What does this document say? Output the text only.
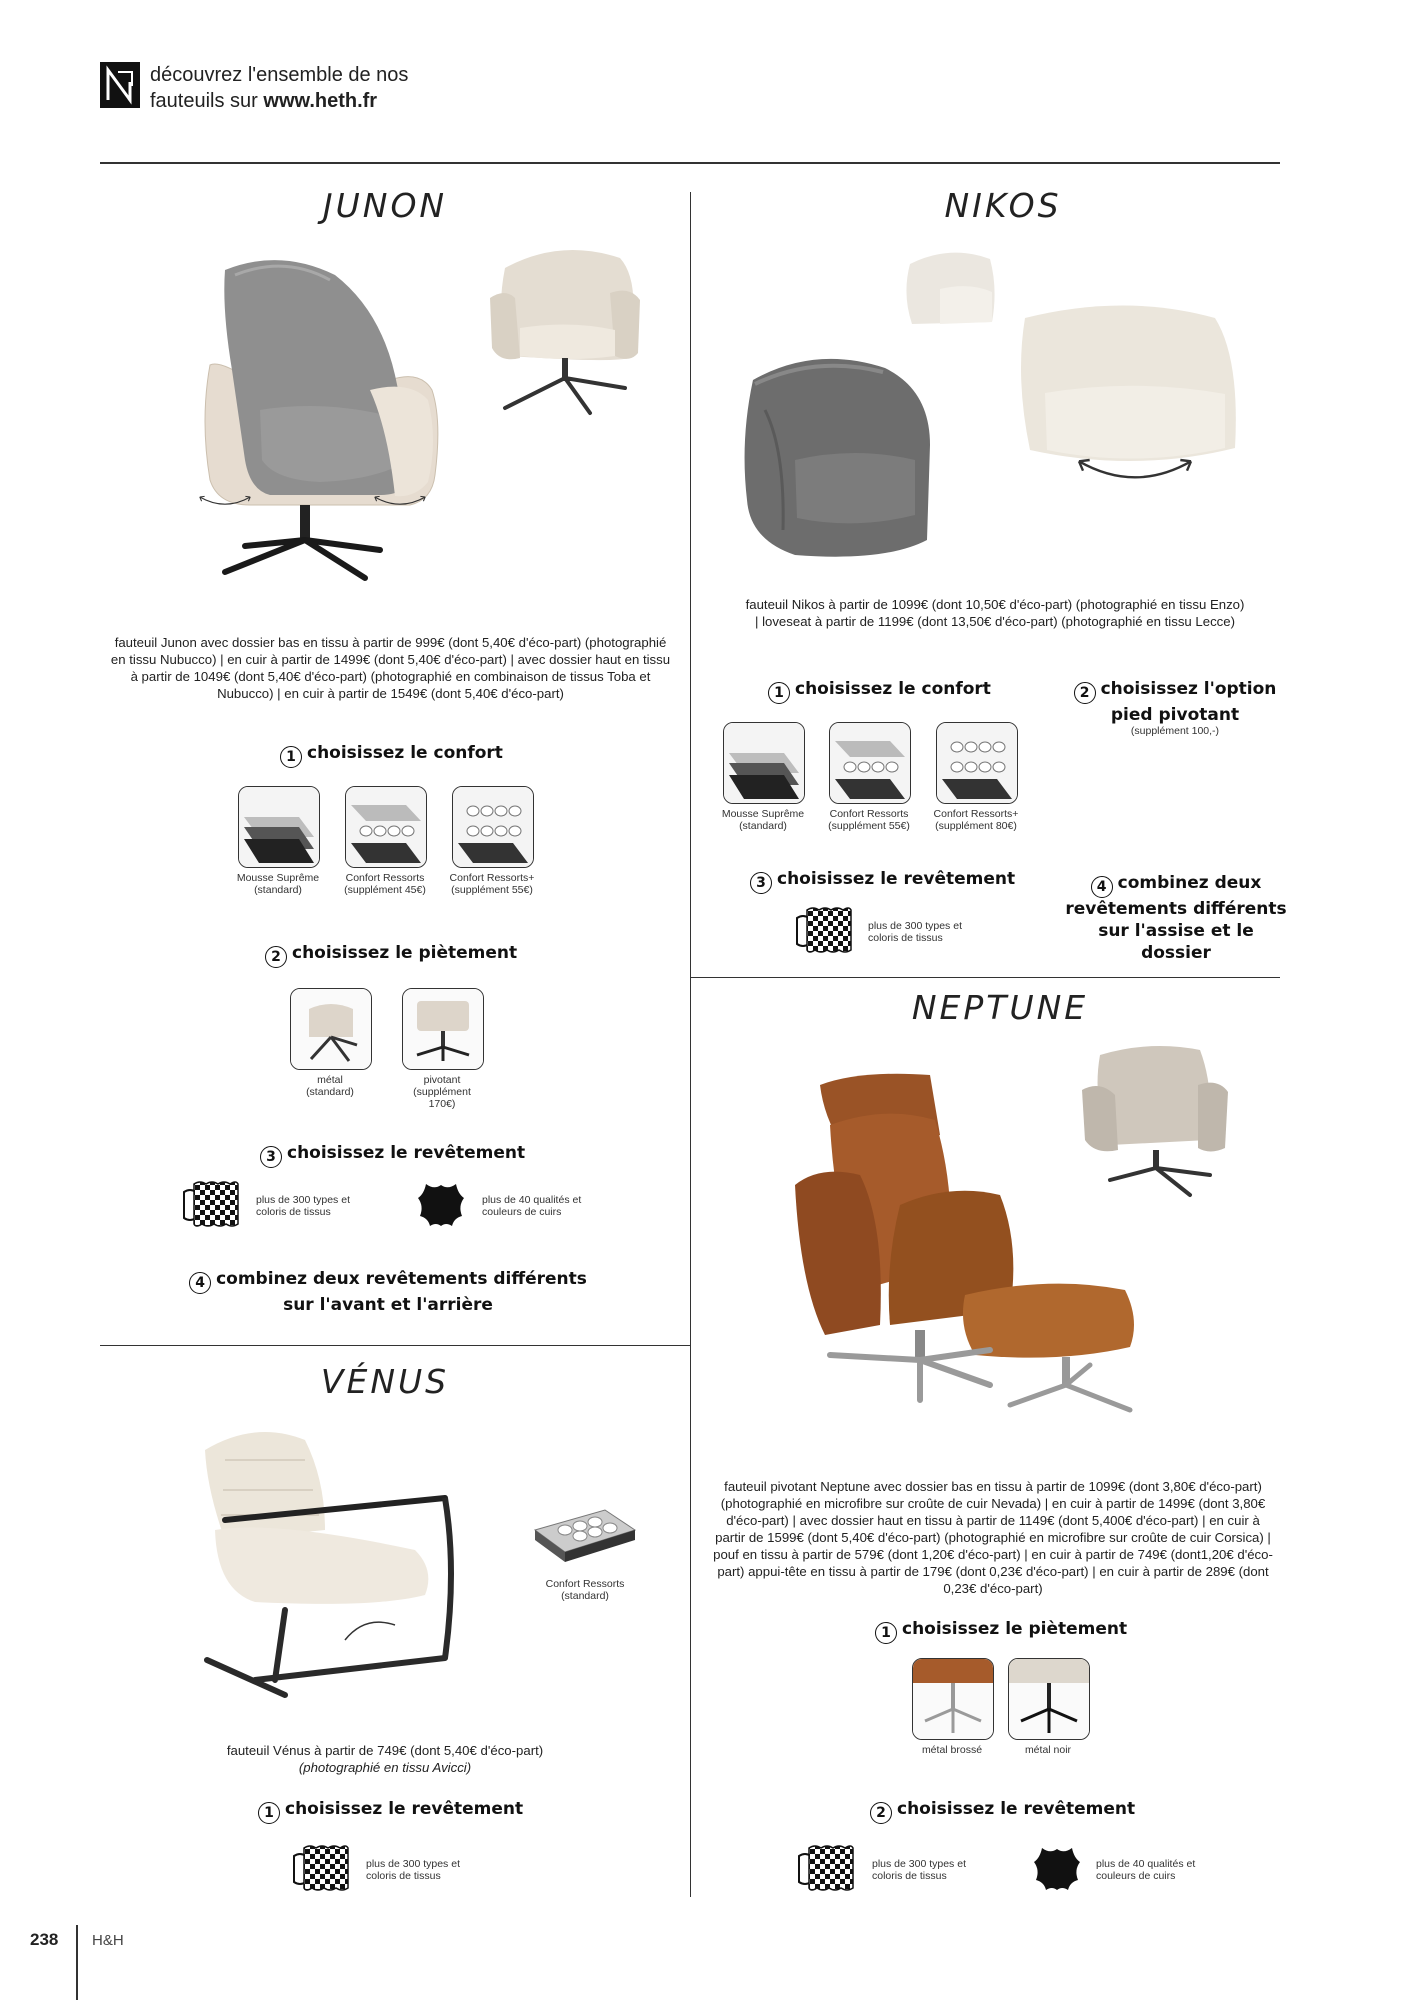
découvrez l'ensemble de nos
fauteuils sur www.heth.fr
JUNON
fauteuil Junon avec dossier bas en tissu à partir de 999€ (dont 5,40€ d'éco-part) (photographié en tissu Nubucco) | en cuir à partir de 1499€ (dont 5,40€ d'éco-part) | avec dossier haut en tissu à partir de 1049€ (dont 5,40€ d'éco-part) (photographié en combinaison de tissus Toba et Nubucco) | en cuir à partir de 1549€ (dont 5,40€ d'éco-part)
1 choisissez le confort
Mousse Suprême
(standard)
Confort Ressorts
(supplément 45€)
Confort Ressorts+
(supplément 55€)
2 choisissez le piètement
métal
(standard)
pivotant
(supplément 170€)
3 choisissez le revêtement
plus de 300 types et coloris de tissus
plus de 40 qualités et couleurs de cuirs
4 combinez deux revêtements différents sur l'avant et l'arrière
VÉNUS
Confort Ressorts
(standard)
fauteuil Vénus à partir de 749€ (dont 5,40€ d'éco-part)
(photographié en tissu Avicci)
1 choisissez le revêtement
plus de 300 types et coloris de tissus
NIKOS
fauteuil Nikos à partir de 1099€ (dont 10,50€ d'éco-part) (photographié en tissu Enzo) | loveseat à partir de 1199€ (dont 13,50€ d'éco-part) (photographié en tissu Lecce)
1 choisissez le confort	2 choisissez l'option pied pivotant
(supplément 100,-)
Mousse Suprême
(standard)
Confort Ressorts
(supplément 55€)
Confort Ressorts+
(supplément 80€)
3 choisissez le revêtement
plus de 300 types et coloris de tissus
4 combinez deux revêtements différents sur l'assise et le dossier
NEPTUNE
fauteuil pivotant Neptune avec dossier bas en tissu à partir de 1099€ (dont 3,80€ d'éco-part) (photographié en microfibre sur croûte de cuir Nevada) | en cuir à partir de 1499€ (dont 3,80€ d'éco-part) | avec dossier haut en tissu à partir de 1149€ (dont 5,400€ d'éco-part) | en cuir à partir de 1599€ (dont 5,40€ d'éco-part) (photographié en microfibre sur croûte de cuir Corsica) | pouf en tissu à partir de 579€ (dont 1,20€ d'éco-part) | en cuir à partir de 749€ (dont1,20€ d'éco-part) appui-tête en tissu à partir de 179€ (dont 0,23€ d'éco-part) | en cuir à partir de 289€ (dont 0,23€ d'éco-part)
1 choisissez le piètement
métal brossé	métal noir
2 choisissez le revêtement
plus de 300 types et coloris de tissus
plus de 40 qualités et couleurs de cuirs
238 H&H
